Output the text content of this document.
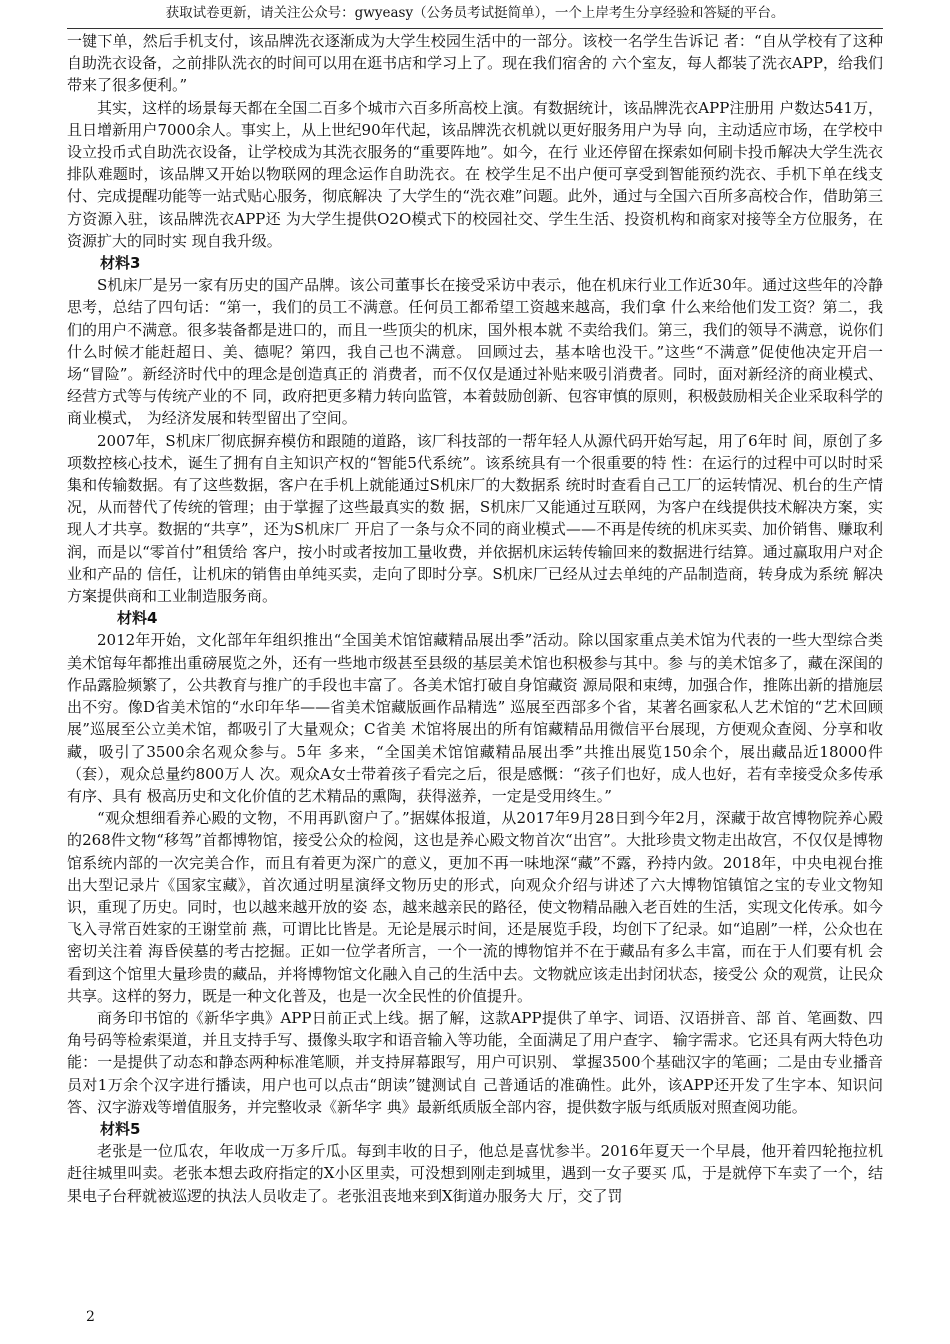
获取试卷更新，请关注公众号：gwyeasy（公务员考试挺简单），一个上岸考生分享经验和答疑的平台。

一键下单，然后手机支付，该品牌洗衣逐渐成为大学生校园生活中的一部分。该校一名学生告诉记 者：“自从学校有了这种自助洗衣设备，之前排队洗衣的时间可以用在逛书店和学习上了。现在我们宿舍的 六个室友，每人都装了洗衣APP，给我们带来了很多便利。”

其实，这样的场景每天都在全国二百多个城市六百多所高校上演。有数据统计，该品牌洗衣APP注册用 户数达541万，且日增新用户7000余人。事实上，从上世纪90年代起，该品牌洗衣机就以更好服务用户为导 向，主动适应市场，在学校中设立投币式自助洗衣设备，让学校成为其洗衣服务的“重要阵地”。如今，在行 业还停留在探索如何刷卡投币解决大学生洗衣排队难题时，该品牌又开始以物联网的理念运作自助洗衣。在 校学生足不出户便可享受到智能预约洗衣、手机下单在线支付、完成提醒功能等一站式贴心服务，彻底解决 了大学生的“洗衣难”问题。此外，通过与全国六百所多高校合作，借助第三方资源入驻，该品牌洗衣APP还 为大学生提供O2O模式下的校园社交、学生生活、投资机构和商家对接等全方位服务，在资源扩大的同时实 现自我升级。

材料3

S机床厂是另一家有历史的国产品牌。该公司董事长在接受采访中表示，他在机床行业工作近30年。通过这些年的冷静思考，总结了四句话：“第一，我们的员工不满意。任何员工都希望工资越来越高，我们拿 什么来给他们发工资？第二，我们的用户不满意。很多装备都是进口的，而且一些顶尖的机床，国外根本就 不卖给我们。第三，我们的领导不满意，说你们什么时候才能赶超日、美、德呢？第四，我自己也不满意。 回顾过去，基本啥也没干。”这些“不满意”促使他决定开启一场“冒险”。新经济时代中的理念是创造真正的 消费者，而不仅仅是通过补贴来吸引消费者。同时，面对新经济的商业模式、经营方式等与传统产业的不 同，政府把更多精力转向监管，本着鼓励创新、包容审慎的原则，积极鼓励相关企业采取科学的商业模式， 为经济发展和转型留出了空间。

2007年，S机床厂彻底摒弃模仿和跟随的道路，该厂科技部的一帮年轻人从源代码开始写起，用了6年时 间，原创了多项数控核心技术，诞生了拥有自主知识产权的“智能5代系统”。该系统具有一个很重要的特 性：在运行的过程中可以时时采集和传输数据。有了这些数据，客户在手机上就能通过S机床厂的大数据系 统时时查看自己工厂的运转情况、机台的生产情况，从而替代了传统的管理；由于掌握了这些最真实的数 据，S机床厂又能通过互联网，为客户在线提供技术解决方案，实现人才共享。数据的“共享”，还为S机床厂 开启了一条与众不同的商业模式——不再是传统的机床买卖、加价销售、赚取利润，而是以“零首付”租赁给 客户，按小时或者按加工量收费，并依据机床运转传输回来的数据进行结算。通过赢取用户对企业和产品的 信任，让机床的销售由单纯买卖，走向了即时分享。S机床厂已经从过去单纯的产品制造商，转身成为系统 解决方案提供商和工业制造服务商。

材料4

2012年开始，文化部年年组织推出“全国美术馆馆藏精品展出季”活动。除以国家重点美术馆为代表的一些大型综合类美术馆每年都推出重磅展览之外，还有一些地市级甚至县级的基层美术馆也积极参与其中。参 与的美术馆多了，藏在深闺的作品露脸频繁了，公共教育与推广的手段也丰富了。各美术馆打破自身馆藏资 源局限和束缚，加强合作，推陈出新的措施层出不穷。像D省美术馆的“水印年华——省美术馆藏版画作品精选” 巡展至西部多个省，某著名画家私人艺术馆的“艺术回顾展”巡展至公立美术馆，都吸引了大量观众；C省美 术馆将展出的所有馆藏精品用微信平台展现，方便观众查阅、分享和收藏，吸引了3500余名观众参与。5年 多来，“全国美术馆馆藏精品展出季”共推出展览150余个，展出藏品近18000件（套），观众总量约800万人 次。观众A女士带着孩子看完之后，很是感慨：“孩子们也好，成人也好，若有幸接受众多传承有序、具有 极高历史和文化价值的艺术精品的熏陶，获得滋养，一定是受用终生。”

“观众想细看养心殿的文物，不用再趴窗户了。”据媒体报道，从2017年9月28日到今年2月，深藏于故宫博物院养心殿的268件文物“移驾”首都博物馆，接受公众的检阅，这也是养心殿文物首次“出宫”。大批珍贵文物走出故宫，不仅仅是博物馆系统内部的一次完美合作，而且有着更为深广的意义，更加不再一味地深“藏”不露，矜持内敛。2018年，中央电视台推出大型记录片《国家宝藏》，首次通过明星演绎文物历史的形式，向观众介绍与讲述了六大博物馆镇馆之宝的专业文物知识，重现了历史。同时，也以越来越开放的姿 态，越来越亲民的路径，使文物精品融入老百姓的生活，实现文化传承。如今飞入寻常百姓家的王谢堂前 燕，可谓比比皆是。无论是展示时间，还是展览手段，均创下了纪录。如“追剧”一样，公众也在密切关注着 海昏侯墓的考古挖掘。正如一位学者所言，一个一流的博物馆并不在于藏品有多么丰富，而在于人们要有机 会看到这个馆里大量珍贵的藏品，并将博物馆文化融入自己的生活中去。文物就应该走出封闭状态，接受公 众的观赏，让民众共享。这样的努力，既是一种文化普及，也是一次全民性的价值提升。

商务印书馆的《新华字典》APP日前正式上线。据了解，这款APP提供了单字、词语、汉语拼音、部 首、笔画数、四角号码等检索渠道，并且支持手写、摄像头取字和语音输入等功能，全面满足了用户查字、 输字需求。它还具有两大特色功能：一是提供了动态和静态两种标准笔顺，并支持屏幕跟写，用户可识别、 掌握3500个基础汉字的笔画；二是由专业播音员对1万余个汉字进行播读，用户也可以点击“朗读”键测试自 己普通话的准确性。此外，该APP还开发了生字本、知识问答、汉字游戏等增值服务，并完整收录《新华字 典》最新纸质版全部内容，提供数字版与纸质版对照查阅功能。

材料5

老张是一位瓜农，年收成一万多斤瓜。每到丰收的日子，他总是喜忧参半。2016年夏天一个早晨，他开着四轮拖拉机赶往城里叫卖。老张本想去政府指定的X小区里卖，可没想到刚走到城里，遇到一女子要买 瓜，于是就停下车卖了一个，结果电子台秤就被巡逻的执法人员收走了。老张沮丧地来到X街道办服务大 厅，交了罚

2
